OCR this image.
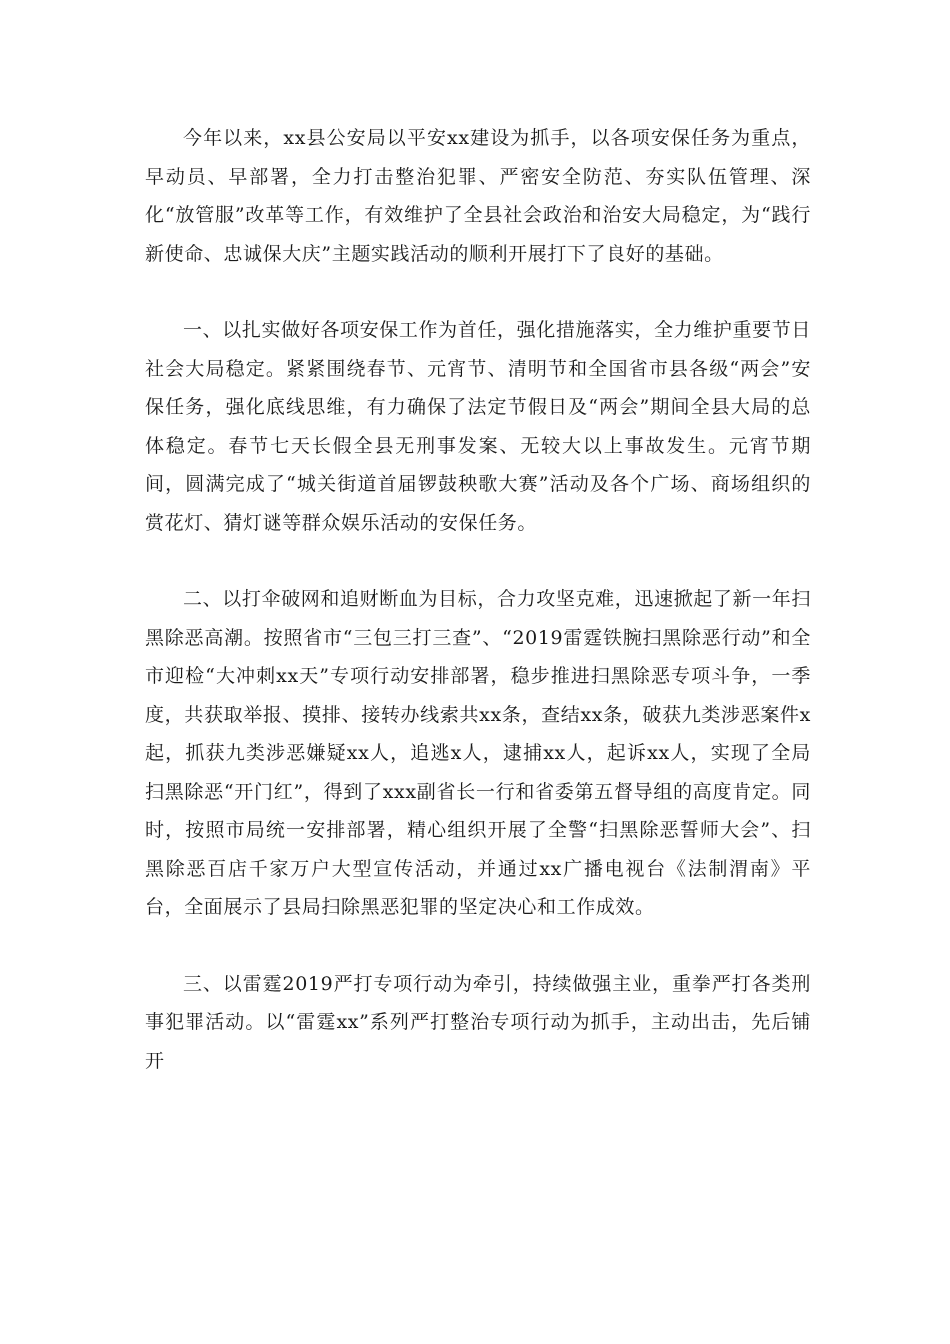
今年以来，xx县公安局以平安xx建设为抓手，以各项安保任务为重点，早动员、早部署，全力打击整治犯罪、严密安全防范、夯实队伍管理、深化“放管服”改革等工作，有效维护了全县社会政治和治安大局稳定，为“践行新使命、忠诚保大庆”主题实践活动的顺利开展打下了良好的基础。

一、以扎实做好各项安保工作为首任，强化措施落实，全力维护重要节日社会大局稳定。紧紧围绕春节、元宵节、清明节和全国省市县各级“两会”安保任务，强化底线思维，有力确保了法定节假日及“两会”期间全县大局的总体稳定。春节七天长假全县无刑事发案、无较大以上事故发生。元宵节期间，圆满完成了“城关街道首届锣鼓秧歌大赛”活动及各个广场、商场组织的赏花灯、猜灯谜等群众娱乐活动的安保任务。

二、以打伞破网和追财断血为目标，合力攻坚克难，迅速掀起了新一年扫黑除恶高潮。按照省市“三包三打三查”、“2019雷霆铁腕扫黑除恶行动”和全市迎检“大冲刺xx天”专项行动安排部署，稳步推进扫黑除恶专项斗争，一季度，共获取举报、摸排、接转办线索共xx条，查结xx条，破获九类涉恶案件x起，抓获九类涉恶嫌疑xx人，追逃x人，逮捕xx人，起诉xx人，实现了全局扫黑除恶“开门红”，得到了xxx副省长一行和省委第五督导组的高度肯定。同时，按照市局统一安排部署，精心组织开展了全警“扫黑除恶誓师大会”、扫黑除恶百店千家万户大型宣传活动，并通过xx广播电视台《法制渭南》平台，全面展示了县局扫除黑恶犯罪的坚定决心和工作成效。

三、以雷霆2019严打专项行动为牵引，持续做强主业，重拳严打各类刑事犯罪活动。以“雷霆xx”系列严打整治专项行动为抓手，主动出击，先后铺开
